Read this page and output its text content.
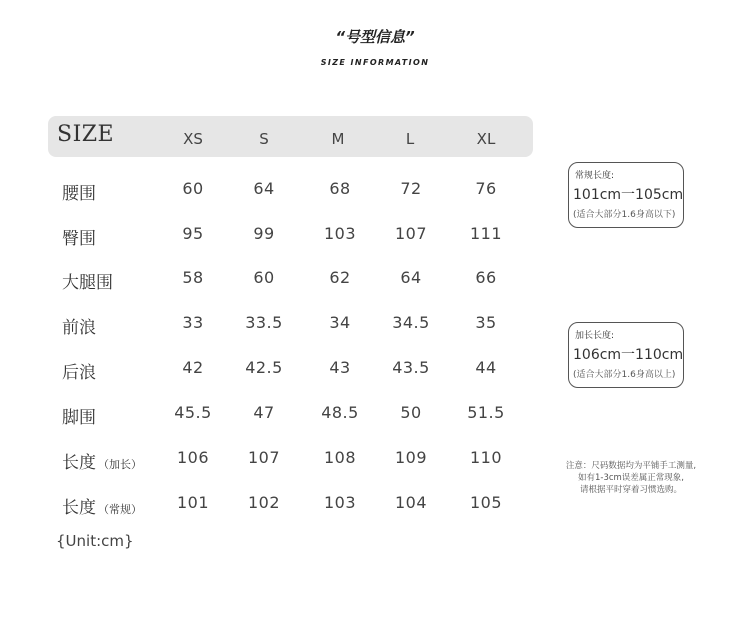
“号型信息”
SIZE INFORMATION
SIZE	XS	S	M	L	XL
腰围	60	64	68	72	76
臀围	95	99	103	107	111
大腿围	58	60	62	64	66
前浪	33	33.5	34	34.5	35
后浪	42	42.5	43	43.5	44
脚围	45.5	47	48.5	50	51.5
长度 （加长）	106	107	108	109	110
长度 （常规）	101	102	103	104	105
{Unit:cm}
常规长度:
101cm一105cm
(适合大部分1.6身高以下)
加长长度:
106cm一110cm
(适合大部分1.6身高以上)
注意：尺码数据均为平铺手工测量,
如有1-3cm误差属正常现象,
请根据平时穿着习惯选购。
